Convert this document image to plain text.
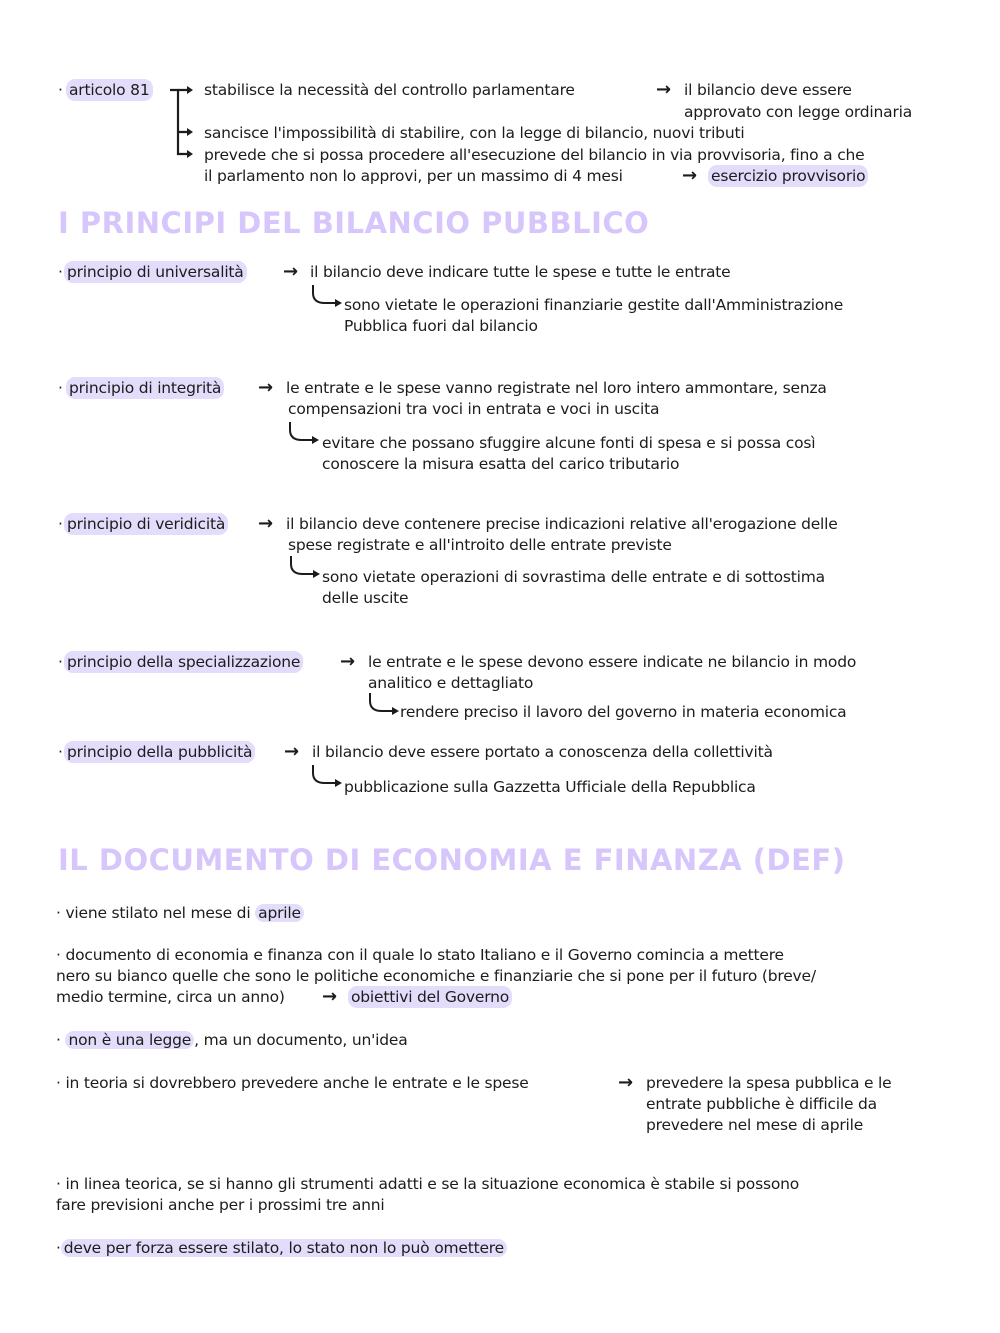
· articolo 81	stabilisce la necessità del controllo parlamentare	→ il bilancio deve essere
approvato con legge ordinaria
sancisce l'impossibilità di stabilire, con la legge di bilancio, nuovi tributi
prevede che si possa procedere all'esecuzione del bilancio in via provvisoria, fino a che
il parlamento non lo approvi, per un massimo di 4 mesi	→ esercizio provvisorio
I PRINCIPI DEL BILANCIO PUBBLICO
· principio di universalità → il bilancio deve indicare tutte le spese e tutte le entrate
sono vietate le operazioni finanziarie gestite dall'Amministrazione
Pubblica fuori dal bilancio
· principio di integrità → le entrate e le spese vanno registrate nel loro intero ammontare, senza
compensazioni tra voci in entrata e voci in uscita
evitare che possano sfuggire alcune fonti di spesa e si possa così
conoscere la misura esatta del carico tributario
· principio di veridicità → il bilancio deve contenere precise indicazioni relative all'erogazione delle
spese registrate e all'introito delle entrate previste
sono vietate operazioni di sovrastima delle entrate e di sottostima
delle uscite
· principio della specializzazione → le entrate e le spese devono essere indicate ne bilancio in modo
analitico e dettagliato
rendere preciso il lavoro del governo in materia economica
· principio della pubblicità → il bilancio deve essere portato a conoscenza della collettività
pubblicazione sulla Gazzetta Ufficiale della Repubblica
IL DOCUMENTO DI ECONOMIA E FINANZA (DEF)
· viene stilato nel mese di aprile
· documento di economia e finanza con il quale lo stato Italiano e il Governo comincia a mettere
nero su bianco quelle che sono le politiche economiche e finanziarie che si pone per il futuro (breve/
medio termine, circa un anno) → obiettivi del Governo
· non è una legge , ma un documento, un'idea
· in teoria si dovrebbero prevedere anche le entrate e le spese	→ prevedere la spesa pubblica e le
entrate pubbliche è difficile da
prevedere nel mese di aprile
· in linea teorica, se si hanno gli strumenti adatti e se la situazione economica è stabile si possono
fare previsioni anche per i prossimi tre anni
· deve per forza essere stilato, lo stato non lo può omettere
